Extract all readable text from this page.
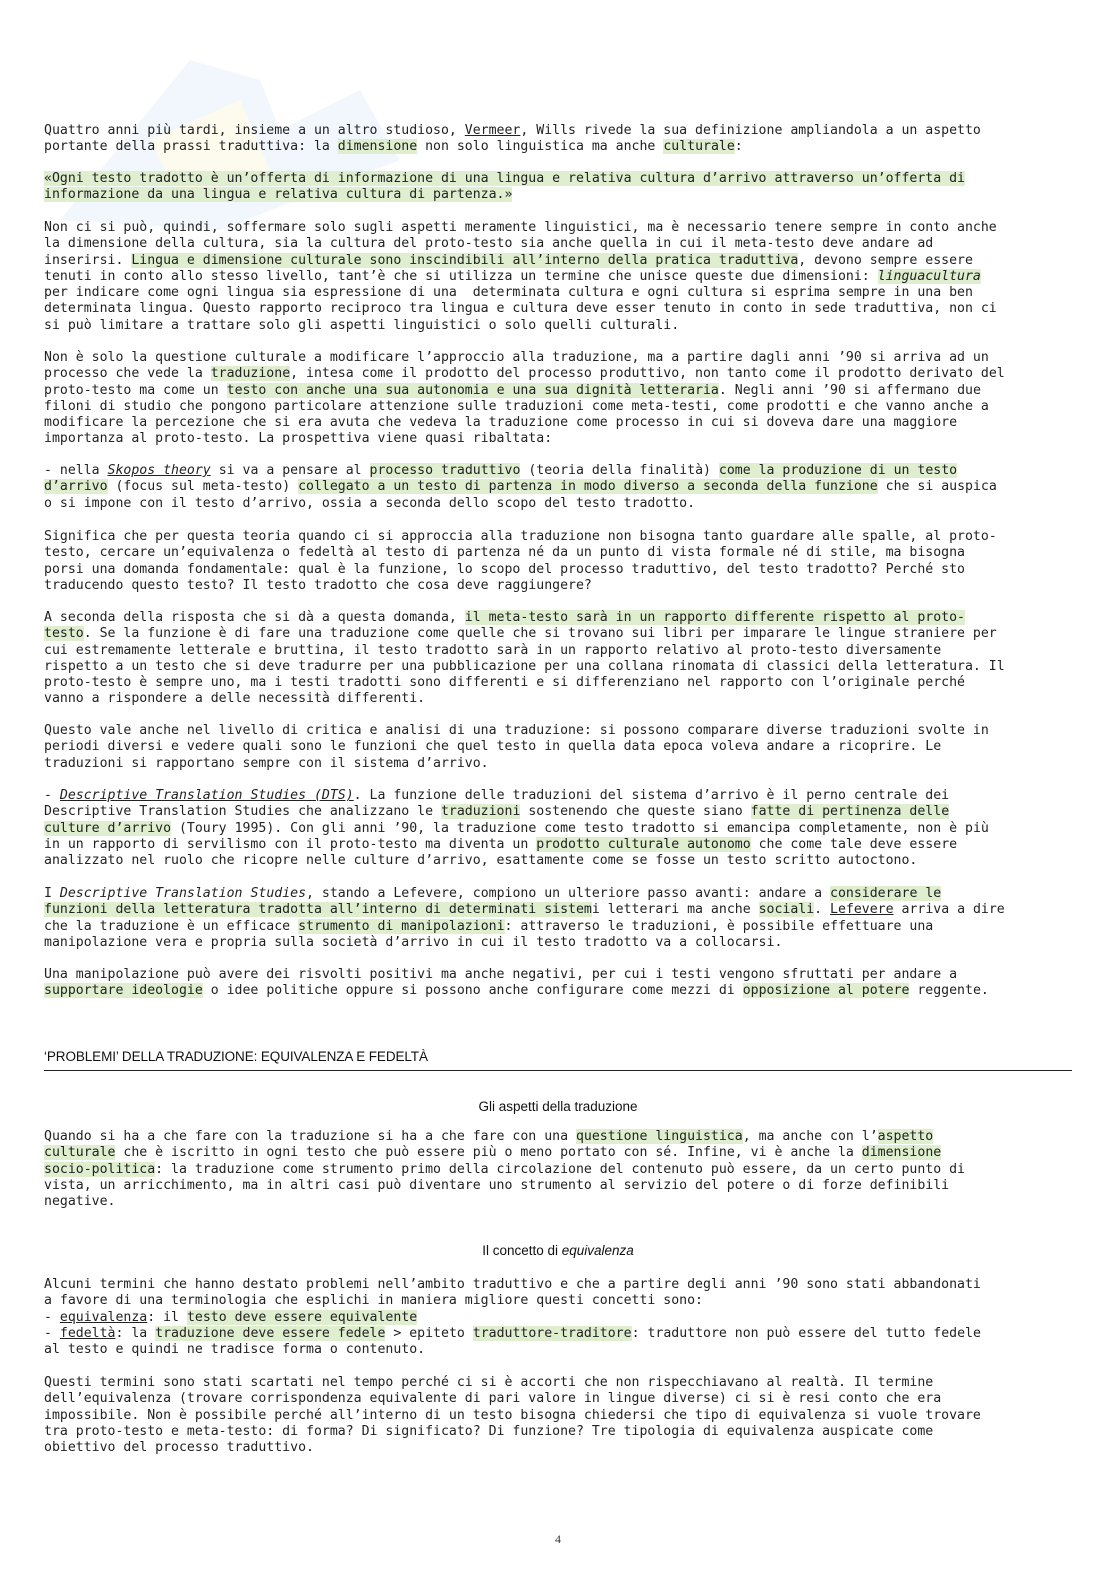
Quattro anni più tardi, insieme a un altro studioso, Vermeer, Wills rivede la sua definizione ampliandola a un aspetto
portante della prassi traduttiva: la dimensione non solo linguistica ma anche culturale:
«Ogni testo tradotto è un’offerta di informazione di una lingua e relativa cultura d’arrivo attraverso un’offerta di
informazione da una lingua e relativa cultura di partenza.»
Non ci si può, quindi, soffermare solo sugli aspetti meramente linguistici, ma è necessario tenere sempre in conto anche
la dimensione della cultura, sia la cultura del proto-testo sia anche quella in cui il meta-testo deve andare ad
inserirsi. Lingua e dimensione culturale sono inscindibili all’interno della pratica traduttiva, devono sempre essere
tenuti in conto allo stesso livello, tant’è che si utilizza un termine che unisce queste due dimensioni: linguacultura
per indicare come ogni lingua sia espressione di una  determinata cultura e ogni cultura si esprima sempre in una ben
determinata lingua. Questo rapporto reciproco tra lingua e cultura deve esser tenuto in conto in sede traduttiva, non ci
si può limitare a trattare solo gli aspetti linguistici o solo quelli culturali.
Non è solo la questione culturale a modificare l’approccio alla traduzione, ma a partire dagli anni ’90 si arriva ad un
processo che vede la traduzione, intesa come il prodotto del processo produttivo, non tanto come il prodotto derivato del
proto-testo ma come un testo con anche una sua autonomia e una sua dignità letteraria. Negli anni ’90 si affermano due
filoni di studio che pongono particolare attenzione sulle traduzioni come meta-testi, come prodotti e che vanno anche a
modificare la percezione che si era avuta che vedeva la traduzione come processo in cui si doveva dare una maggiore
importanza al proto-testo. La prospettiva viene quasi ribaltata:
- nella Skopos theory si va a pensare al processo traduttivo (teoria della finalità) come la produzione di un testo
d’arrivo (focus sul meta-testo) collegato a un testo di partenza in modo diverso a seconda della funzione che si auspica
o si impone con il testo d’arrivo, ossia a seconda dello scopo del testo tradotto.
Significa che per questa teoria quando ci si approccia alla traduzione non bisogna tanto guardare alle spalle, al proto-
testo, cercare un’equivalenza o fedeltà al testo di partenza né da un punto di vista formale né di stile, ma bisogna
porsi una domanda fondamentale: qual è la funzione, lo scopo del processo traduttivo, del testo tradotto? Perché sto
traducendo questo testo? Il testo tradotto che cosa deve raggiungere?
A seconda della risposta che si dà a questa domanda, il meta-testo sarà in un rapporto differente rispetto al proto-
testo. Se la funzione è di fare una traduzione come quelle che si trovano sui libri per imparare le lingue straniere per
cui estremamente letterale e bruttina, il testo tradotto sarà in un rapporto relativo al proto-testo diversamente
rispetto a un testo che si deve tradurre per una pubblicazione per una collana rinomata di classici della letteratura. Il
proto-testo è sempre uno, ma i testi tradotti sono differenti e si differenziano nel rapporto con l’originale perché
vanno a rispondere a delle necessità differenti.
Questo vale anche nel livello di critica e analisi di una traduzione: si possono comparare diverse traduzioni svolte in
periodi diversi e vedere quali sono le funzioni che quel testo in quella data epoca voleva andare a ricoprire. Le
traduzioni si rapportano sempre con il sistema d’arrivo.
- Descriptive Translation Studies (DTS). La funzione delle traduzioni del sistema d’arrivo è il perno centrale dei
Descriptive Translation Studies che analizzano le traduzioni sostenendo che queste siano fatte di pertinenza delle
culture d’arrivo (Toury 1995). Con gli anni ’90, la traduzione come testo tradotto si emancipa completamente, non è più
in un rapporto di servilismo con il proto-testo ma diventa un prodotto culturale autonomo che come tale deve essere
analizzato nel ruolo che ricopre nelle culture d’arrivo, esattamente come se fosse un testo scritto autoctono.
I Descriptive Translation Studies, stando a Lefevere, compiono un ulteriore passo avanti: andare a considerare le
funzioni della letteratura tradotta all’interno di determinati sistemi letterari ma anche sociali. Lefevere arriva a dire
che la traduzione è un efficace strumento di manipolazioni: attraverso le traduzioni, è possibile effettuare una
manipolazione vera e propria sulla società d’arrivo in cui il testo tradotto va a collocarsi.
Una manipolazione può avere dei risvolti positivi ma anche negativi, per cui i testi vengono sfruttati per andare a
supportare ideologie o idee politiche oppure si possono anche configurare come mezzi di opposizione al potere reggente.
Quando si ha a che fare con la traduzione si ha a che fare con una questione linguistica, ma anche con l’aspetto
culturale che è iscritto in ogni testo che può essere più o meno portato con sé. Infine, vi è anche la dimensione
socio-politica: la traduzione come strumento primo della circolazione del contenuto può essere, da un certo punto di
vista, un arricchimento, ma in altri casi può diventare uno strumento al servizio del potere o di forze definibili
negative.
Alcuni termini che hanno destato problemi nell’ambito traduttivo e che a partire degli anni ’90 sono stati abbandonati
a favore di una terminologia che esplichi in maniera migliore questi concetti sono:
- equivalenza: il testo deve essere equivalente
- fedeltà: la traduzione deve essere fedele > epiteto traduttore-traditore: traduttore non può essere del tutto fedele
al testo e quindi ne tradisce forma o contenuto.
Questi termini sono stati scartati nel tempo perché ci si è accorti che non rispecchiavano al realtà. Il termine
dell’equivalenza (trovare corrispondenza equivalente di pari valore in lingue diverse) ci si è resi conto che era
impossibile. Non è possibile perché all’interno di un testo bisogna chiedersi che tipo di equivalenza si vuole trovare
tra proto-testo e meta-testo: di forma? Di significato? Di funzione? Tre tipologia di equivalenza auspicate come
obiettivo del processo traduttivo.
‘PROBLEMI’ DELLA TRADUZIONE: EQUIVALENZA E FEDELTÀ
Gli aspetti della traduzione
Il concetto di equivalenza
4
